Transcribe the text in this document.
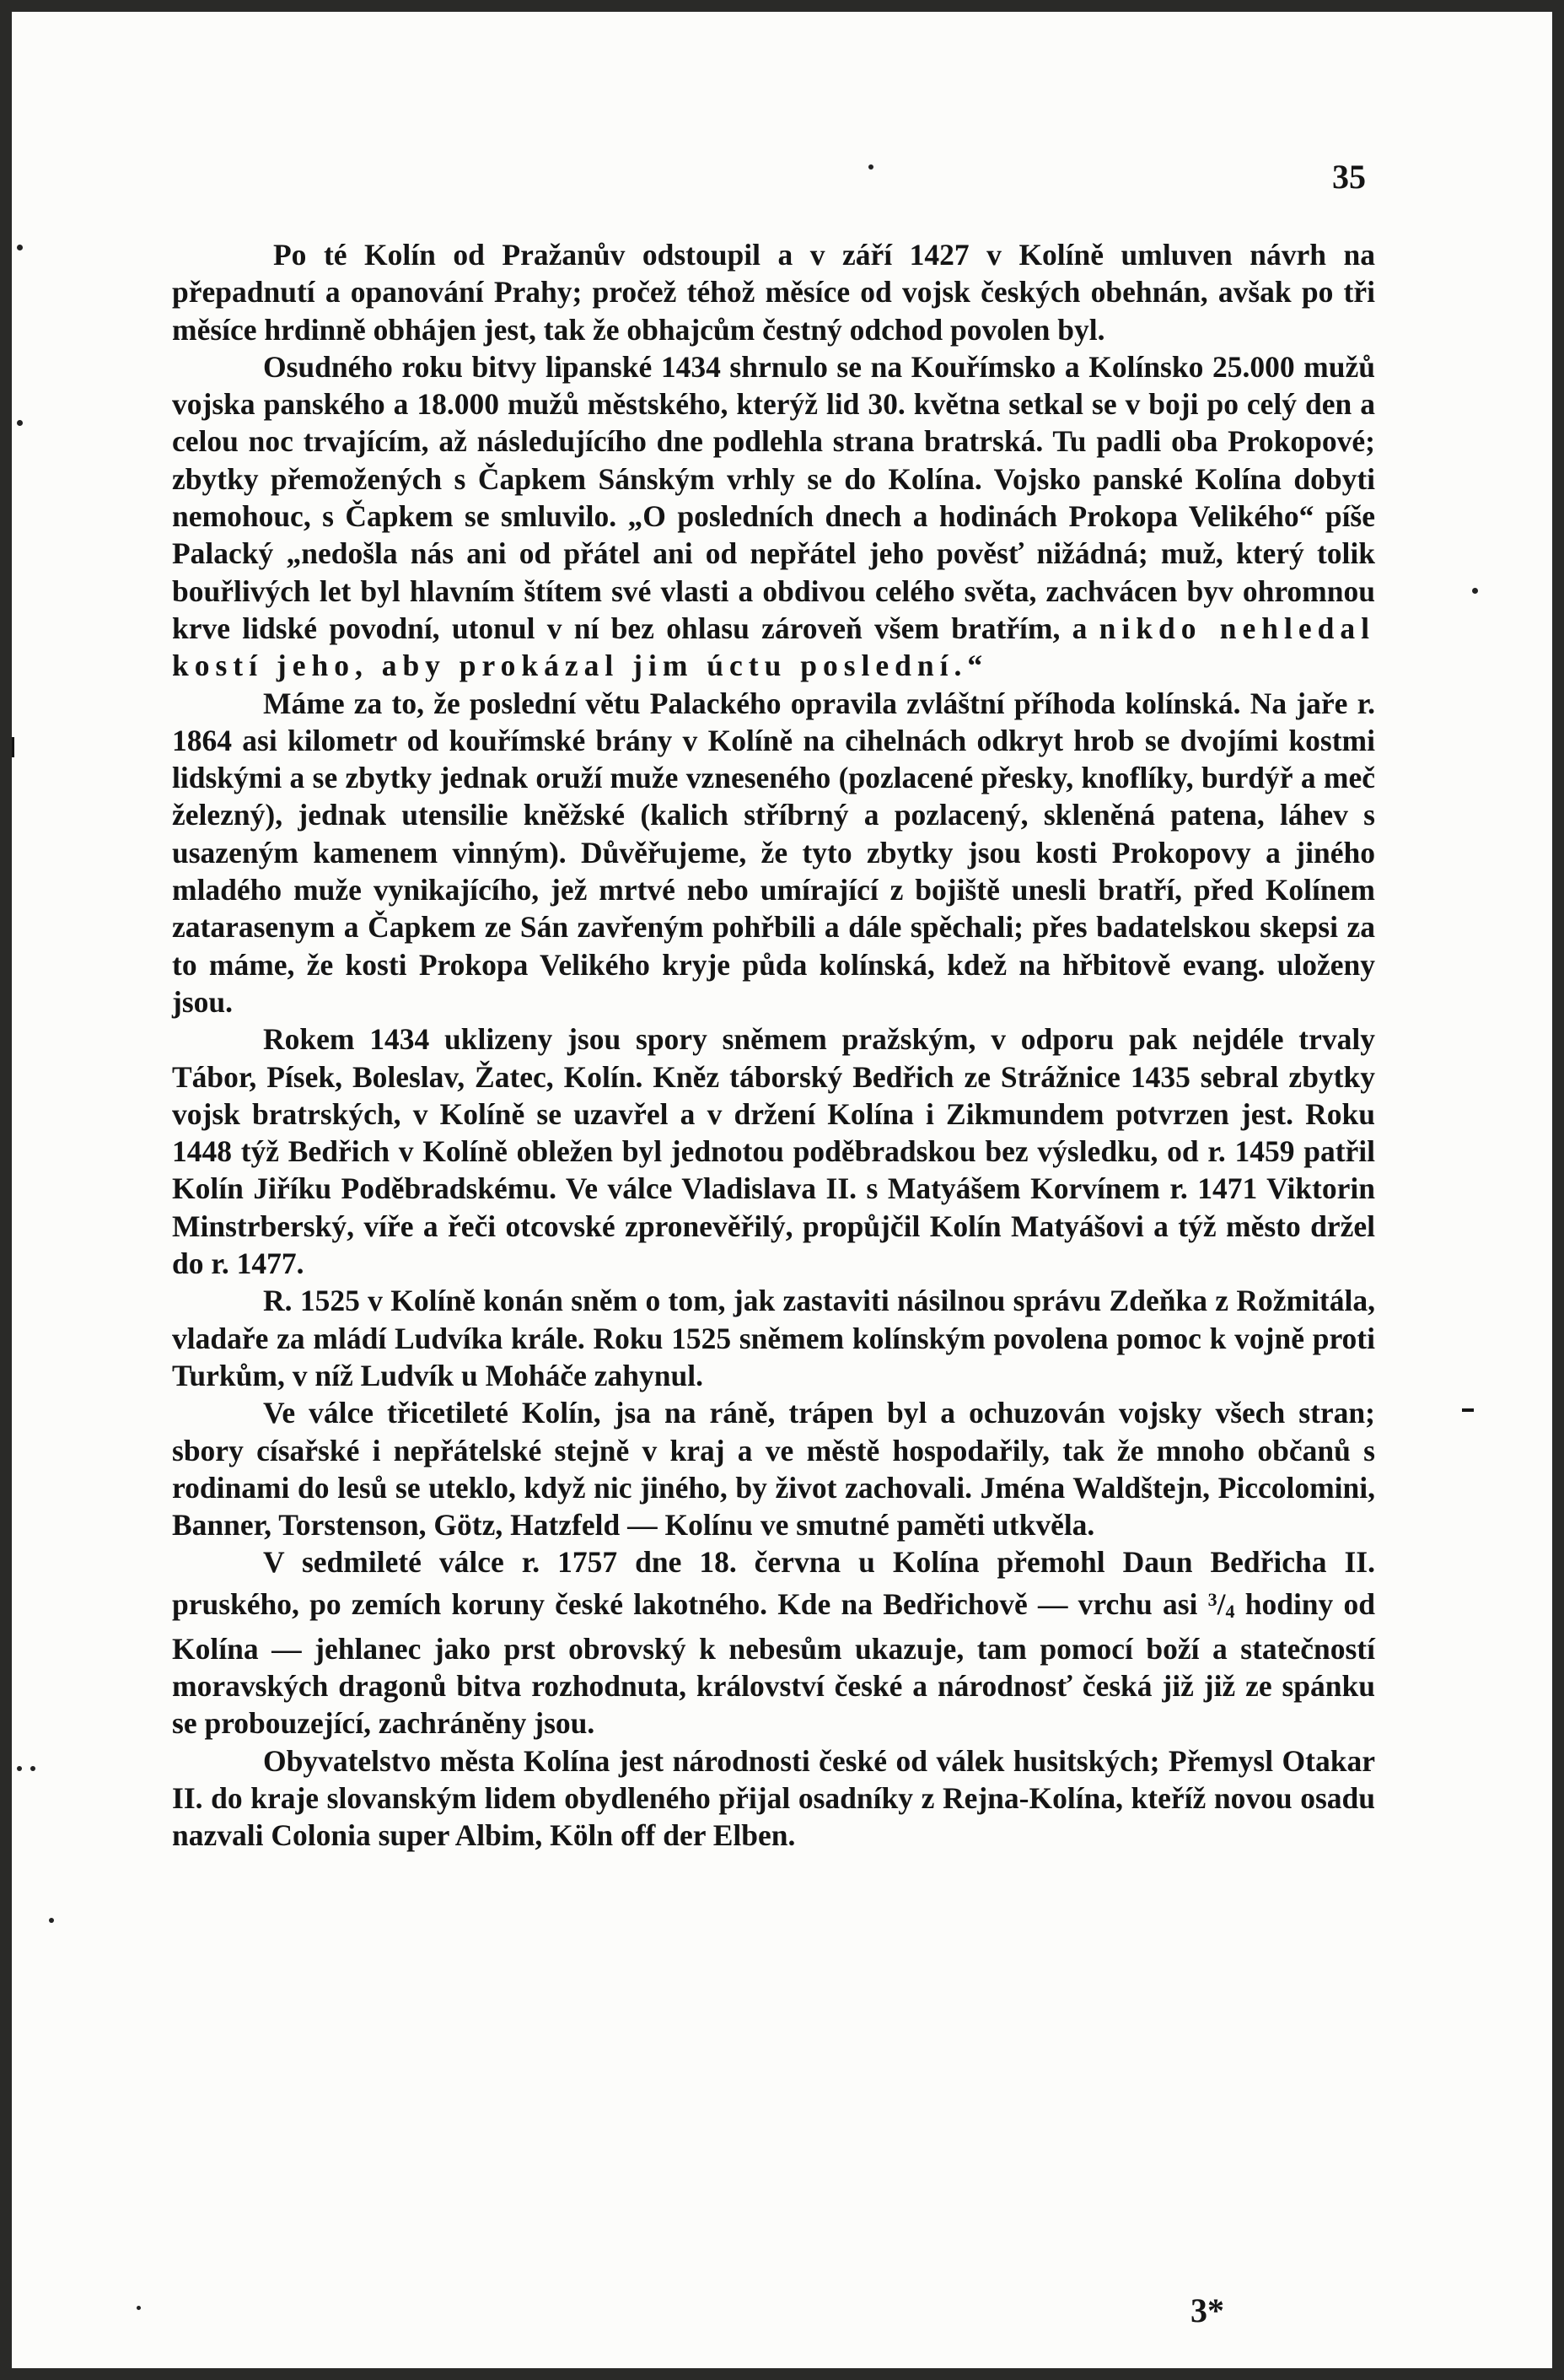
35

Po té Kolín od Pražanův odstoupil a v září 1427 v Kolíně umluven návrh na přepadnutí a opanování Prahy; pročež téhož měsíce od vojsk českých obehnán, avšak po tři měsíce hrdinně obhájen jest, tak že obhajcům čestný odchod povolen byl.

Osudného roku bitvy lipanské 1434 shrnulo se na Kouřímsko a Kolínsko 25.000 mužů vojska panského a 18.000 mužů městského, kterýž lid 30. května setkal se v boji po celý den a celou noc trvajícím, až následujícího dne podlehla strana bratrská. Tu padli oba Prokopové; zbytky přemožených s Čapkem Sánským vrhly se do Kolína. Vojsko panské Kolína dobyti nemohouc, s Čapkem se smluvilo. „O posledních dnech a hodinách Prokopa Velikého“ píše Palacký „nedošla nás ani od přátel ani od nepřátel jeho pověsť nižádná; muž, který tolik bouřlivých let byl hlavním štítem své vlasti a obdivou celého světa, zachvácen byv ohromnou krve lidské povodní, utonul v ní bez ohlasu zároveň všem bratřím, a nikdo nehledal kostí jeho, aby prokázal jim úctu poslední.“

Máme za to, že poslední větu Palackého opravila zvláštní příhoda kolínská. Na jaře r. 1864 asi kilometr od kouřímské brány v Kolíně na cihelnách odkryt hrob se dvojími kostmi lidskými a se zbytky jednak oruží muže vzneseného (pozlacené přesky, knoflíky, burdýř a meč železný), jednak utensilie kněžské (kalich stříbrný a pozlacený, skleněná patena, láhev s usazeným kamenem vinným). Důvěřujeme, že tyto zbytky jsou kosti Prokopovy a jiného mladého muže vynikajícího, jež mrtvé nebo umírající z bojiště unesli bratří, před Kolínem zatarasenym a Čapkem ze Sán zavřeným pohřbili a dále spěchali; přes badatelskou skepsi za to máme, že kosti Prokopa Velikého kryje půda kolínská, kdež na hřbitově evang. uloženy jsou.

Rokem 1434 uklizeny jsou spory sněmem pražským, v odporu pak nejdéle trvaly Tábor, Písek, Boleslav, Žatec, Kolín. Kněz táborský Bedřich ze Strážnice 1435 sebral zbytky vojsk bratrských, v Kolíně se uzavřel a v držení Kolína i Zikmundem potvrzen jest. Roku 1448 týž Bedřich v Kolíně obležen byl jednotou poděbradskou bez výsledku, od r. 1459 patřil Kolín Jiříku Poděbradskému. Ve válce Vladislava II. s Matyášem Korvínem r. 1471 Viktorin Minstrberský, víře a řeči otcovské zpronevěřilý, propůjčil Kolín Matyášovi a týž město držel do r. 1477.

R. 1525 v Kolíně konán sněm o tom, jak zastaviti násilnou správu Zdeňka z Rožmitála, vladaře za mládí Ludvíka krále. Roku 1525 sněmem kolínským povolena pomoc k vojně proti Turkům, v níž Ludvík u Moháče zahynul.

Ve válce třicetileté Kolín, jsa na ráně, trápen byl a ochuzován vojsky všech stran; sbory císařské i nepřátelské stejně v kraj a ve městě hospodařily, tak že mnoho občanů s rodinami do lesů se uteklo, když nic jiného, by život zachovali. Jména Waldštejn, Piccolomini, Banner, Torstenson, Götz, Hatzfeld — Kolínu ve smutné paměti utkvěla.

V sedmileté válce r. 1757 dne 18. června u Kolína přemohl Daun Bedřicha II. pruského, po zemích koruny české lakotného. Kde na Bedřichově — vrchu asi $^3$/4 hodiny od Kolína — jehlanec jako prst obrovský k nebesům ukazuje, tam pomocí boží a statečností moravských dragonů bitva rozhodnuta, království české a národnosť česká již již ze spánku se probouzející, zachráněny jsou.

Obyvatelstvo města Kolína jest národnosti české od válek husitských; Přemysl Otakar II. do kraje slovanským lidem obydleného přijal osadníky z Rejna-Kolína, kteříž novou osadu nazvali Colonia super Albim, Köln off der Elben.

3*
